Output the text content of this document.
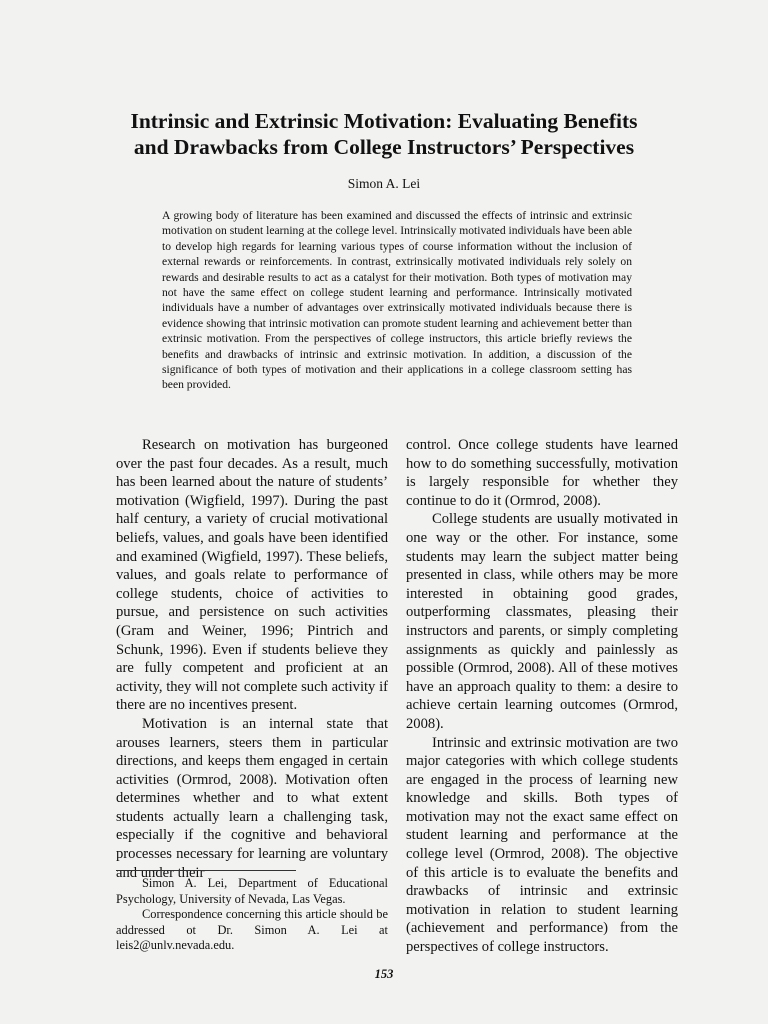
Intrinsic and Extrinsic Motivation: Evaluating Benefits
and Drawbacks from College Instructors’ Perspectives
Simon A. Lei
A growing body of literature has been examined and discussed the effects of intrinsic and extrinsic motivation on student learning at the college level. Intrinsically motivated individuals have been able to develop high regards for learning various types of course information without the inclusion of external rewards or reinforcements. In contrast, extrinsically motivated individuals rely solely on rewards and desirable results to act as a catalyst for their motivation. Both types of motivation may not have the same effect on college student learning and performance. Intrinsically motivated individuals have a number of advantages over extrinsically motivated individuals because there is evidence showing that intrinsic motivation can promote student learning and achievement better than extrinsic motivation. From the perspectives of college instructors, this article briefly reviews the benefits and drawbacks of intrinsic and extrinsic motivation. In addition, a discussion of the significance of both types of motivation and their applications in a college classroom setting has been provided.

Research on motivation has burgeoned over the past four decades. As a result, much has been learned about the nature of students’ motivation (Wigfield, 1997). During the past half century, a variety of crucial motivational beliefs, values, and goals have been identified and examined (Wigfield, 1997). These beliefs, values, and goals relate to performance of college students, choice of activities to pursue, and persistence on such activities (Gram and Weiner, 1996; Pintrich and Schunk, 1996). Even if students believe they are fully competent and proficient at an activity, they will not complete such activity if there are no incentives present.

Motivation is an internal state that arouses learners, steers them in particular directions, and keeps them engaged in certain activities (Ormrod, 2008). Motivation often determines whether and to what extent students actually learn a challenging task, especially if the cognitive and behavioral processes necessary for learning are voluntary and under their

control. Once college students have learned how to do something successfully, motivation is largely responsible for whether they continue to do it (Ormrod, 2008).

College students are usually motivated in one way or the other. For instance, some students may learn the subject matter being presented in class, while others may be more interested in obtaining good grades, outperforming classmates, pleasing their instructors and parents, or simply completing assignments as quickly and painlessly as possible (Ormrod, 2008). All of these motives have an approach quality to them: a desire to achieve certain learning outcomes (Ormrod, 2008).

Intrinsic and extrinsic motivation are two major categories with which college students are engaged in the process of learning new knowledge and skills. Both types of motivation may not the exact same effect on student learning and performance at the college level (Ormrod, 2008). The objective of this article is to evaluate the benefits and drawbacks of intrinsic and extrinsic motivation in relation to student learning (achievement and performance) from the perspectives of college instructors.

Simon A. Lei, Department of Educational Psychology, University of Nevada, Las Vegas.

Correspondence concerning this article should be addressed ot Dr. Simon A. Lei at leis2@unlv.nevada.edu.

153
